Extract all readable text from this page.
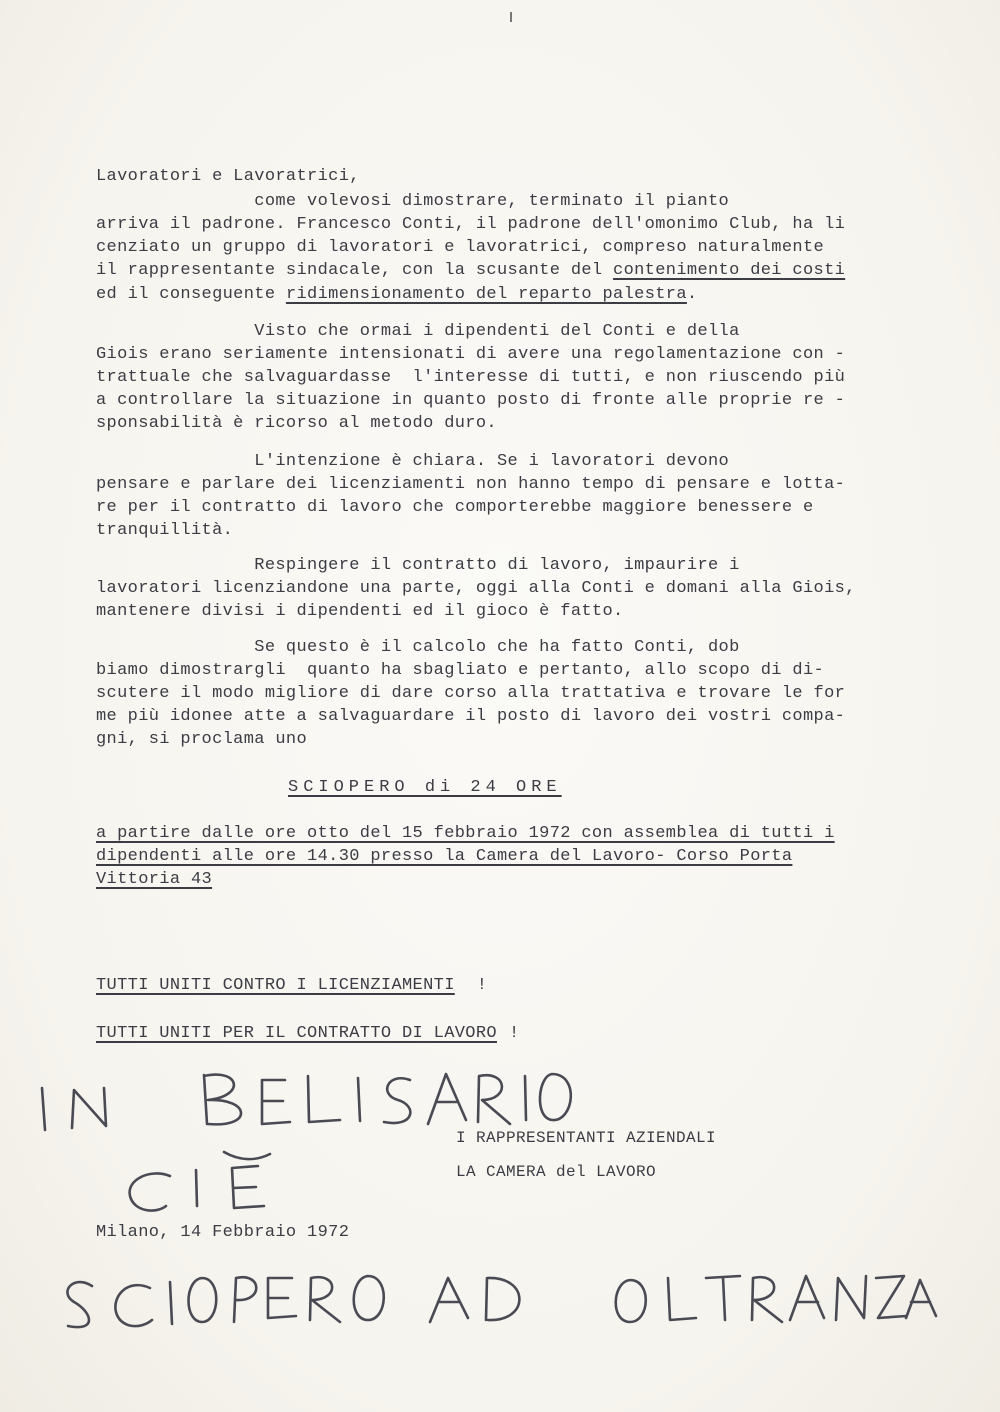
Lavoratori e Lavoratrici,
come volevosi dimostrare, terminato il pianto
arriva il padrone. Francesco Conti, il padrone dell'omonimo Club, ha li
cenziato un gruppo di lavoratori e lavoratrici, compreso naturalmente
il rappresentante sindacale, con la scusante del contenimento dei costi
ed il conseguente ridimensionamento del reparto palestra.
Visto che ormai i dipendenti del Conti e della
Giois erano seriamente intensionati di avere una regolamentazione con -
trattuale che salvaguardasse  l'interesse di tutti, e non riuscendo più
a controllare la situazione in quanto posto di fronte alle proprie re -
sponsabilità è ricorso al metodo duro.
L'intenzione è chiara. Se i lavoratori devono
pensare e parlare dei licenziamenti non hanno tempo di pensare e lotta-
re per il contratto di lavoro che comporterebbe maggiore benessere e
tranquillità.
Respingere il contratto di lavoro, impaurire i
lavoratori licenziandone una parte, oggi alla Conti e domani alla Giois,
mantenere divisi i dipendenti ed il gioco è fatto.
Se questo è il calcolo che ha fatto Conti, dob
biamo dimostrargli  quanto ha sbagliato e pertanto, allo scopo di di-
scutere il modo migliore di dare corso alla trattativa e trovare le for
me più idonee atte a salvaguardare il posto di lavoro dei vostri compa-
gni, si proclama uno
SCIOPERO di 24 ORE
a partire dalle ore otto del 15 febbraio 1972 con assemblea di tutti i
dipendenti alle ore 14.30 presso la Camera del Lavoro- Corso Porta
Vittoria 43
TUTTI UNITI CONTRO I LICENZIAMENTI !
TUTTI UNITI PER IL CONTRATTO DI LAVORO !
I RAPPRESENTANTI AZIENDALI
LA CAMERA del LAVORO
Milano, 14 Febbraio 1972
